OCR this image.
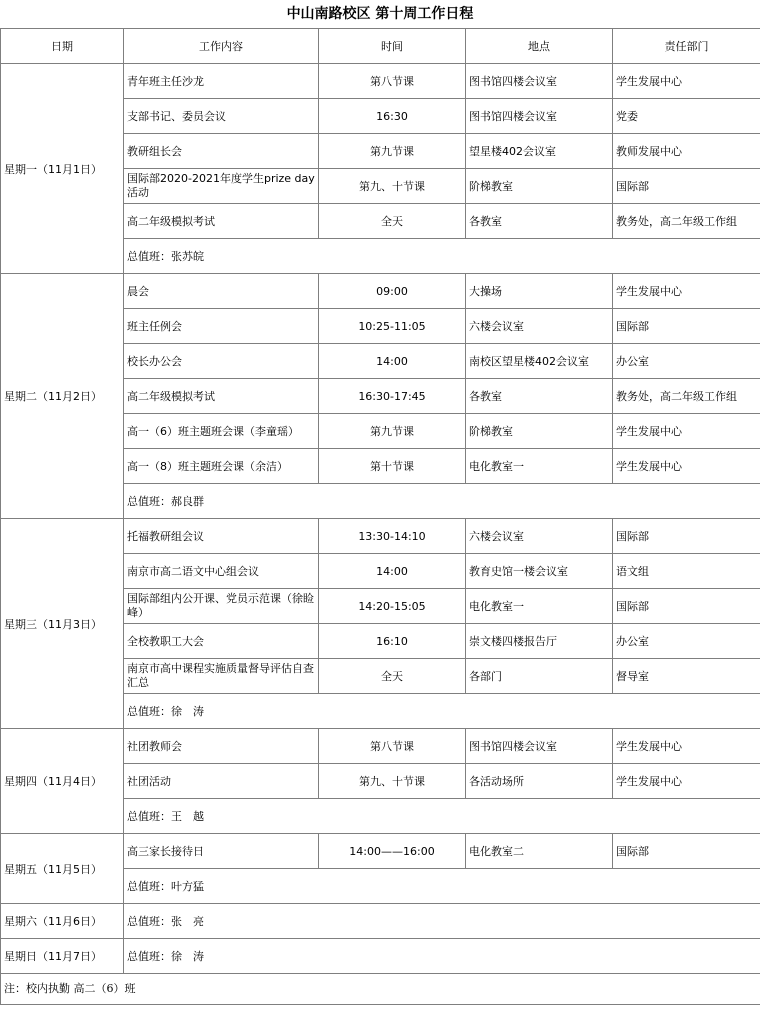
中山南路校区 第十周工作日程
日期	工作内容	时间	地点	责任部门
星期一（11月1日）	青年班主任沙龙	第八节课	图书馆四楼会议室	学生发展中心
	支部书记、委员会议	16:30	图书馆四楼会议室	党委
	教研组长会	第九节课	望星楼402会议室	教师发展中心
	国际部2020-2021年度学生prize day活动	第九、十节课	阶梯教室	国际部
	高二年级模拟考试	全天	各教室	教务处，高二年级工作组
	总值班：张苏皖			
星期二（11月2日）	晨会	09:00	大操场	学生发展中心
	班主任例会	10:25-11:05	六楼会议室	国际部
	校长办公会	14:00	南校区望星楼402会议室	办公室
	高二年级模拟考试	16:30-17:45	各教室	教务处，高二年级工作组
	高一（6）班主题班会课（李童瑶）	第九节课	阶梯教室	学生发展中心
	高一（8）班主题班会课（余洁）	第十节课	电化教室一	学生发展中心
	总值班：郝良群			
星期三（11月3日）	托福教研组会议	13:30-14:10	六楼会议室	国际部
	南京市高二语文中心组会议	14:00	教育史馆一楼会议室	语文组
	国际部组内公开课、党员示范课（徐睑峰）	14:20-15:05	电化教室一	国际部
	全校教职工大会	16:10	崇文楼四楼报告厅	办公室
	南京市高中课程实施质量督导评估自查汇总	全天	各部门	督导室
	总值班：徐　涛			
星期四（11月4日）	社团教师会	第八节课	图书馆四楼会议室	学生发展中心
	社团活动	第九、十节课	各活动场所	学生发展中心
	总值班：王　越			
星期五（11月5日）	高三家长接待日	14:00——16:00	电化教室二	国际部
	总值班：叶方猛			
星期六（11月6日）	总值班：张　亮			
星期日（11月7日）	总值班：徐　涛			
注：校内执勤 高二（6）班
